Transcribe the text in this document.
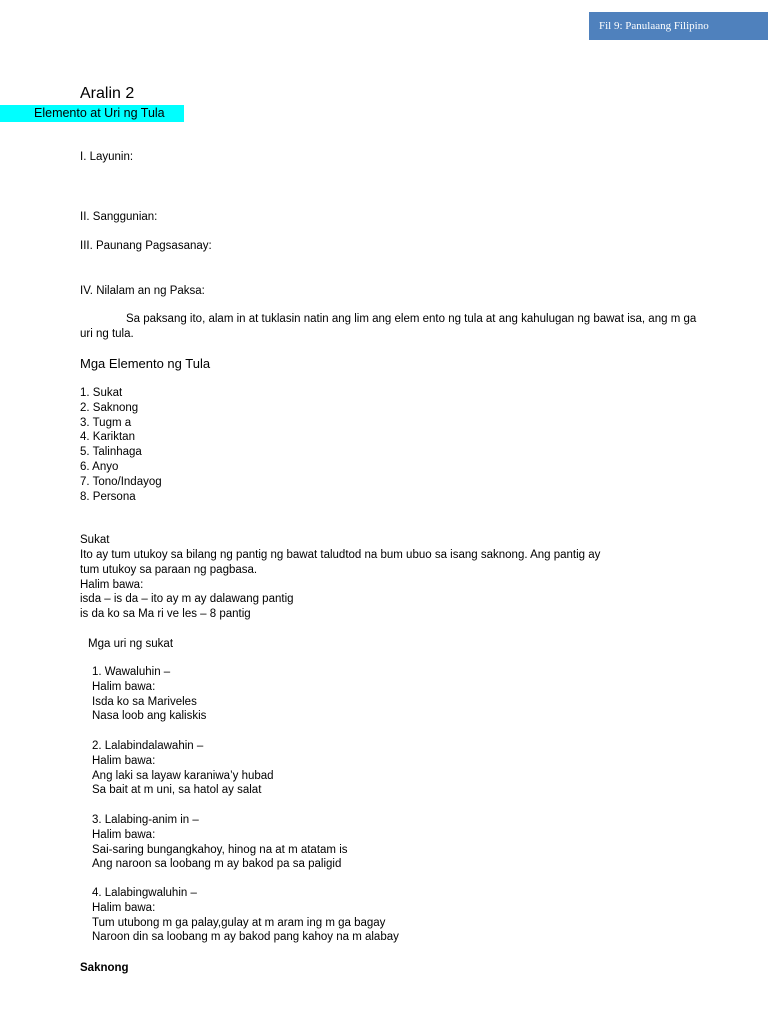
Fil 9: Panulaang Filipino
Aralin 2
Elemento at Uri ng Tula
I. Layunin:
II. Sanggunian:
III. Paunang Pagsasanay:
IV. Nilalam an ng Paksa:
Sa paksang ito, alam in at tuklasin natin ang lim ang elem ento ng tula at ang kahulugan ng bawat isa, ang m ga uri ng tula.
Mga Elemento ng Tula
1. Sukat
2. Saknong
3. Tugm a
4. Kariktan
5. Talinhaga
6. Anyo
7. Tono/Indayog
8. Persona
Sukat
Ito ay tum utukoy sa bilang ng pantig ng bawat taludtod na bum ubuo sa isang saknong. Ang pantig ay
tum utukoy sa paraan ng pagbasa.
Halim bawa:
isda – is da – ito ay m ay dalawang pantig
is da ko sa Ma ri ve les – 8 pantig
Mga uri ng sukat
1. Wawaluhin –
Halim bawa:
Isda ko sa Mariveles
Nasa loob ang kaliskis
2. Lalabindalawahin –
Halim bawa:
Ang laki sa layaw karaniwa’y hubad
Sa bait at m uni, sa hatol ay salat
3. Lalabing-anim in –
Halim bawa:
Sai-saring bungangkahoy, hinog na at m atatam is
Ang naroon sa loobang m ay bakod pa sa paligid
4. Lalabingwaluhin –
Halim bawa:
Tum utubong m ga palay,gulay at m aram ing m ga bagay
Naroon din sa loobang m ay bakod pang kahoy na m alabay
Saknong
